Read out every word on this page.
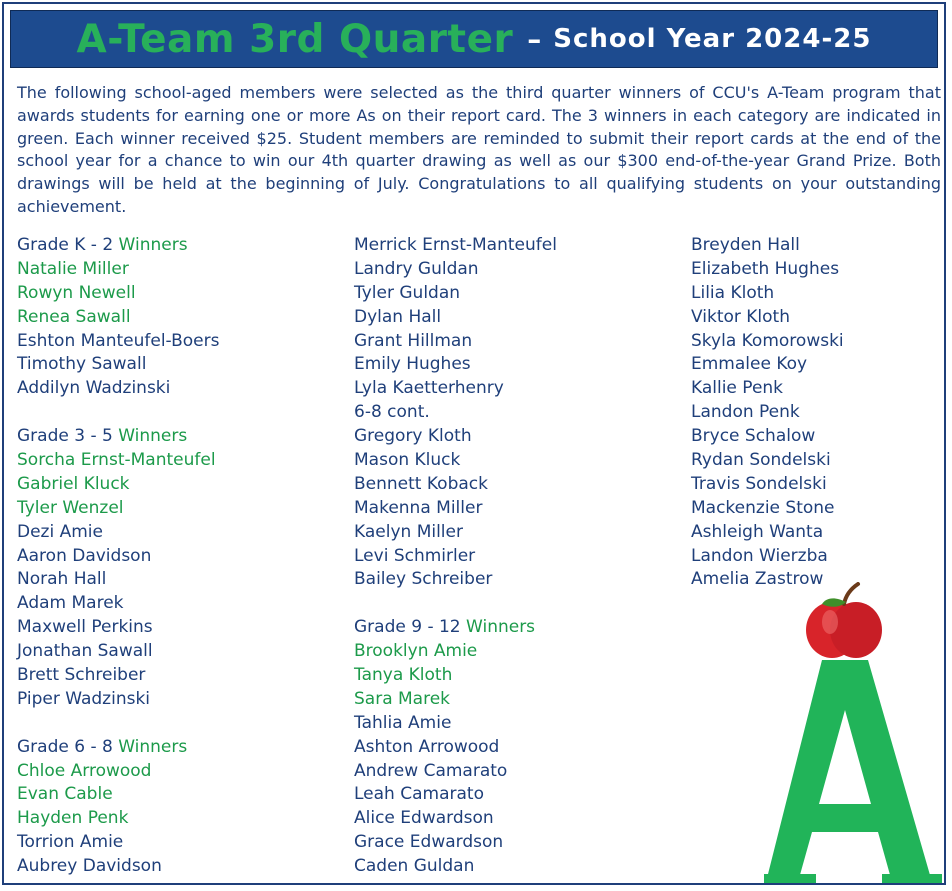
A-Team 3rd Quarter – School Year 2024-25

The following school-aged members were selected as the third quarter winners of CCU's A-Team program that awards students for earning one or more As on their report card. The 3 winners in each category are indicated in green. Each winner received $25. Student members are reminded to submit their report cards at the end of the school year for a chance to win our 4th quarter drawing as well as our $300 end-of-the-year Grand Prize. Both drawings will be held at the beginning of July. Congratulations to all qualifying students on your outstanding achievement.

Grade K - 2 Winners
Natalie Miller
Rowyn Newell
Renea Sawall
Eshton Manteufel-Boers
Timothy Sawall
Addilyn Wadzinski
Grade 3 - 5 Winners
Sorcha Ernst-Manteufel
Gabriel Kluck
Tyler Wenzel
Dezi Amie
Aaron Davidson
Norah Hall
Adam Marek
Maxwell Perkins
Jonathan Sawall
Brett Schreiber
Piper Wadzinski
Grade 6 - 8 Winners
Chloe Arrowood
Evan Cable
Hayden Penk
Torrion Amie
Aubrey Davidson
Merrick Ernst-Manteufel
Landry Guldan
Tyler Guldan
Dylan Hall
Grant Hillman
Emily Hughes
Lyla Kaetterhenry
6-8 cont.
Gregory Kloth
Mason Kluck
Bennett Koback
Makenna Miller
Kaelyn Miller
Levi Schmirler
Bailey Schreiber
Grade 9 - 12 Winners
Brooklyn Amie
Tanya Kloth
Sara Marek
Tahlia Amie
Ashton Arrowood
Andrew Camarato
Leah Camarato
Alice Edwardson
Grace Edwardson
Caden Guldan
Breyden Hall
Elizabeth Hughes
Lilia Kloth
Viktor Kloth
Skyla Komorowski
Emmalee Koy
Kallie Penk
Landon Penk
Bryce Schalow
Rydan Sondelski
Travis Sondelski
Mackenzie Stone
Ashleigh Wanta
Landon Wierzba
Amelia Zastrow
